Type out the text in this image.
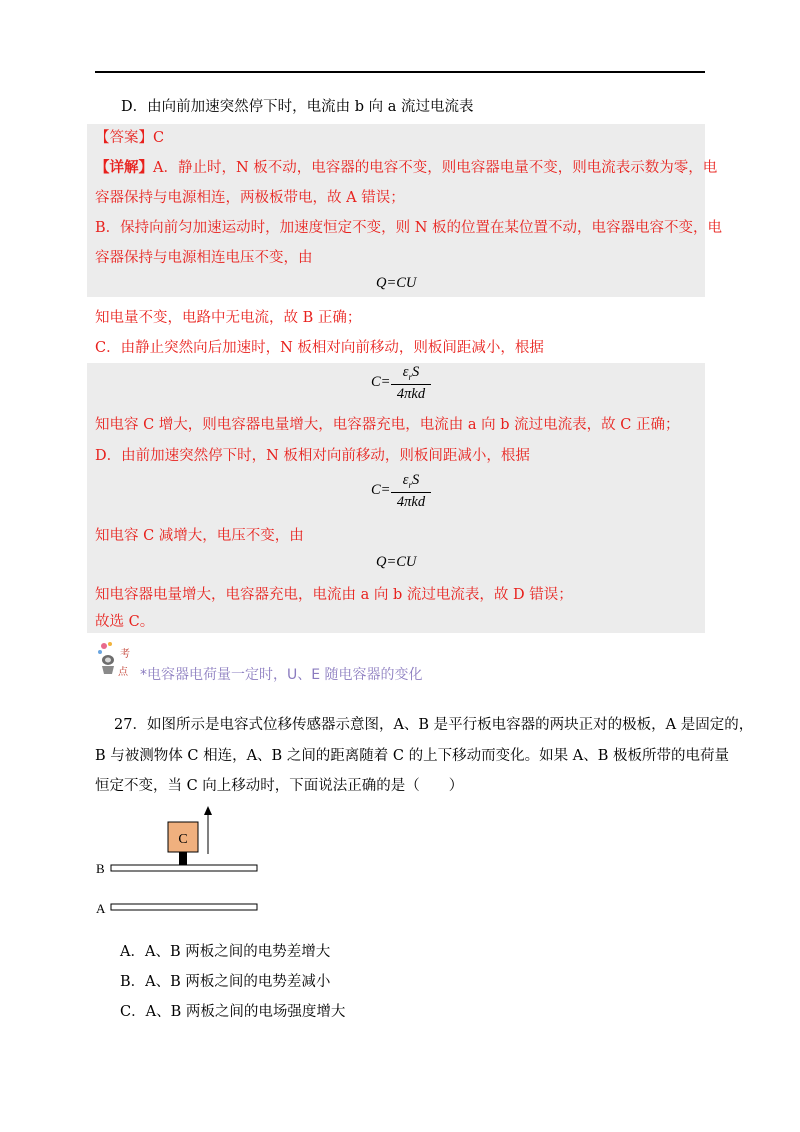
D．由向前加速突然停下时，电流由 b 向 a 流过电流表
【答案】C
【详解】A．静止时，N 板不动，电容器的电容不变，则电容器电量不变，则电流表示数为零，电
容器保持与电源相连，两极板带电，故 A 错误；
B．保持向前匀加速运动时，加速度恒定不变，则 N 板的位置在某位置不动，电容器电容不变，电
容器保持与电源相连电压不变，由
Q=CU
知电量不变，电路中无电流，故 B 正确；
C．由静止突然向后加速时，N 板相对向前移动，则板间距减小，根据
C=
$\varepsilon_rS$
4πkd
知电容 C 增大，则电容器电量增大，电容器充电，电流由 a 向 b 流过电流表，故 C 正确；
D．由前加速突然停下时，N 板相对向前移动，则板间距减小，根据
C=
$\varepsilon_rS$
4πkd
知电容 C 减增大，电压不变，由
Q=CU
知电容器电量增大，电容器充电，电流由 a 向 b 流过电流表，故 D 错误；
故选 C。
考
点 *电容器电荷量一定时，U、E 随电容器的变化
27．如图所示是电容式位移传感器示意图，A、B 是平行板电容器的两块正对的极板，A 是固定的，
B 与被测物体 C 相连，A、B 之间的距离随着 C 的上下移动而变化。如果 A、B 极板所带的电荷量
恒定不变，当 C 向上移动时，下面说法正确的是（　　）
C
B
A
A．A、B 两板之间的电势差增大
B．A、B 两板之间的电势差减小
C．A、B 两板之间的电场强度增大
